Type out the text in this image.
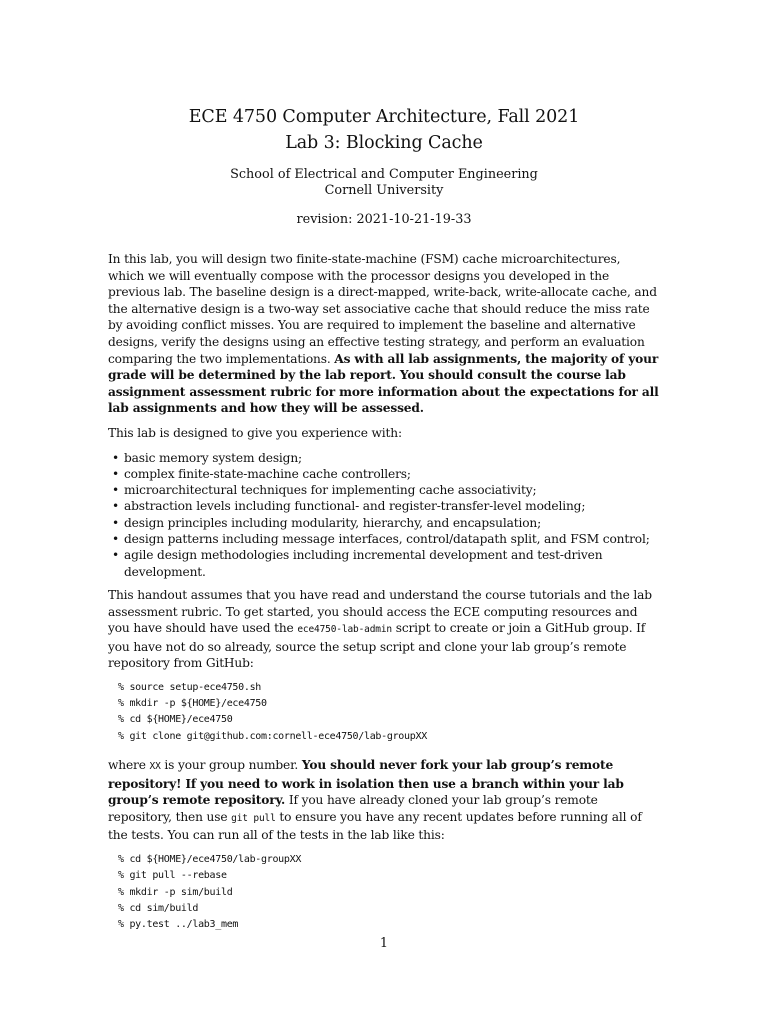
ECE 4750 Computer Architecture, Fall 2021
Lab 3: Blocking Cache
School of Electrical and Computer Engineering
Cornell University
revision: 2021-10-21-19-33

In this lab, you will design two finite-state-machine (FSM) cache microarchitectures, which we will eventually compose with the processor designs you developed in the previous lab. The baseline design is a direct-mapped, write-back, write-allocate cache, and the alternative design is a two-way set associative cache that should reduce the miss rate by avoiding conflict misses. You are required to implement the baseline and alternative designs, verify the designs using an effective testing strategy, and perform an evaluation comparing the two implementations. As with all lab assignments, the majority of your grade will be determined by the lab report. You should consult the course lab assignment assessment rubric for more information about the expectations for all lab assignments and how they will be assessed.

This lab is designed to give you experience with:

• basic memory system design;
• complex finite-state-machine cache controllers;
• microarchitectural techniques for implementing cache associativity;
• abstraction levels including functional- and register-transfer-level modeling;
• design principles including modularity, hierarchy, and encapsulation;
• design patterns including message interfaces, control/datapath split, and FSM control;
• agile design methodologies including incremental development and test-driven development.

This handout assumes that you have read and understand the course tutorials and the lab assessment rubric. To get started, you should access the ECE computing resources and you have should have used the ece4750-lab-admin script to create or join a GitHub group. If you have not do so already, source the setup script and clone your lab group’s remote repository from GitHub:

% source setup-ece4750.sh
% mkdir -p ${HOME}/ece4750
% cd ${HOME}/ece4750
% git clone git@github.com:cornell-ece4750/lab-groupXX

where XX is your group number. You should never fork your lab group’s remote repository! If you need to work in isolation then use a branch within your lab group’s remote repository. If you have already cloned your lab group’s remote repository, then use git pull to ensure you have any recent updates before running all of the tests. You can run all of the tests in the lab like this:

% cd ${HOME}/ece4750/lab-groupXX
% git pull --rebase
% mkdir -p sim/build
% cd sim/build
% py.test ../lab3_mem
1
